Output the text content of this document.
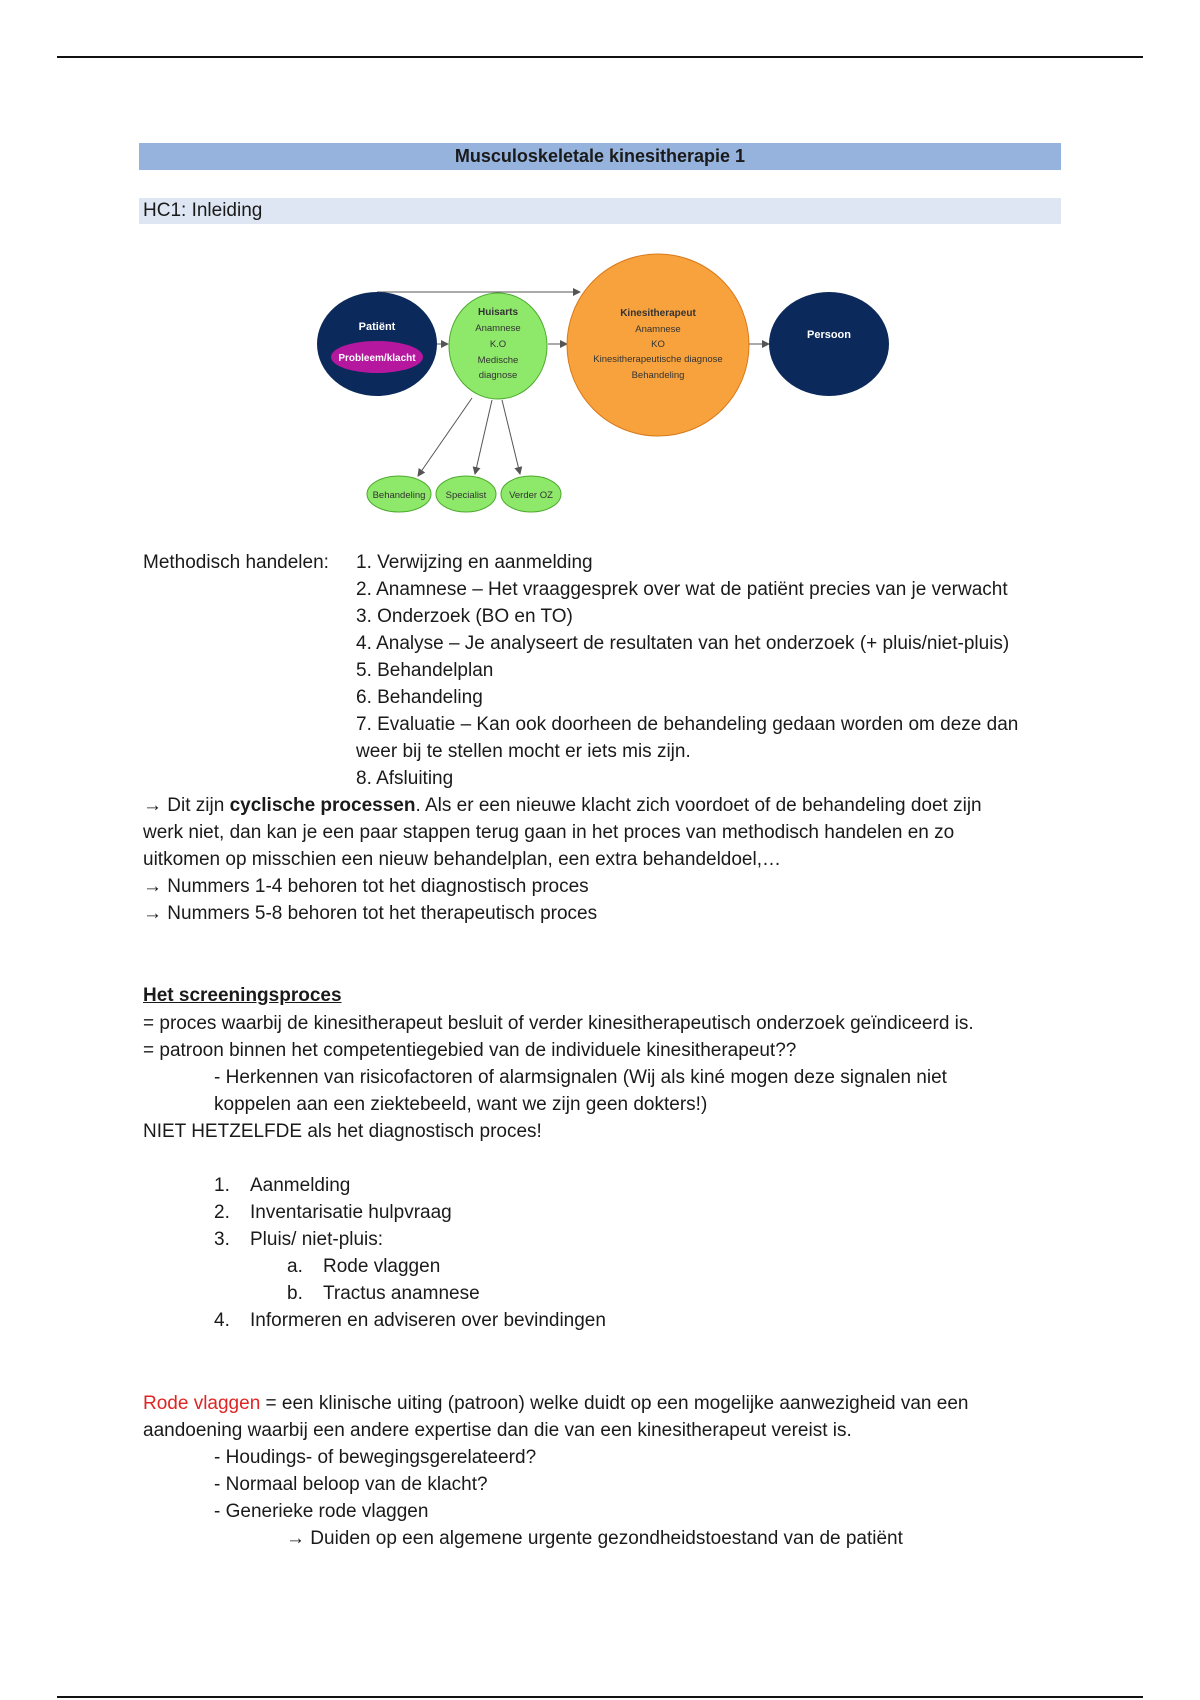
Musculoskeletale kinesitherapie 1
HC1: Inleiding
Patiënt
Probleem/klacht
Huisarts
Anamnese
K.O
Medische
diagnose
Kinesitherapeut
Anamnese
KO
Kinesitherapeutische diagnose
Behandeling
Persoon
Behandeling Specialist Verder OZ
Methodisch handelen: 1. Verwijzing en aanmelding
2. Anamnese – Het vraaggesprek over wat de patiënt precies van je verwacht
3. Onderzoek (BO en TO)
4. Analyse – Je analyseert de resultaten van het onderzoek (+ pluis/niet-pluis)
5. Behandelplan
6. Behandeling
7. Evaluatie – Kan ook doorheen de behandeling gedaan worden om deze dan
weer bij te stellen mocht er iets mis zijn.
8. Afsluiting
→ Dit zijn cyclische processen. Als er een nieuwe klacht zich voordoet of de behandeling doet zijn
werk niet, dan kan je een paar stappen terug gaan in het proces van methodisch handelen en zo
uitkomen op misschien een nieuw behandelplan, een extra behandeldoel,…
→ Nummers 1-4 behoren tot het diagnostisch proces
→ Nummers 5-8 behoren tot het therapeutisch proces
Het screeningsproces
= proces waarbij de kinesitherapeut besluit of verder kinesitherapeutisch onderzoek geïndiceerd is.
= patroon binnen het competentiegebied van de individuele kinesitherapeut??
- Herkennen van risicofactoren of alarmsignalen (Wij als kiné mogen deze signalen niet
koppelen aan een ziektebeeld, want we zijn geen dokters!)
NIET HETZELFDE als het diagnostisch proces!
1. Aanmelding
2. Inventarisatie hulpvraag
3. Pluis/ niet-pluis:
a. Rode vlaggen
b. Tractus anamnese
4. Informeren en adviseren over bevindingen
Rode vlaggen = een klinische uiting (patroon) welke duidt op een mogelijke aanwezigheid van een
aandoening waarbij een andere expertise dan die van een kinesitherapeut vereist is.
- Houdings- of bewegingsgerelateerd?
- Normaal beloop van de klacht?
- Generieke rode vlaggen
→ Duiden op een algemene urgente gezondheidstoestand van de patiënt
